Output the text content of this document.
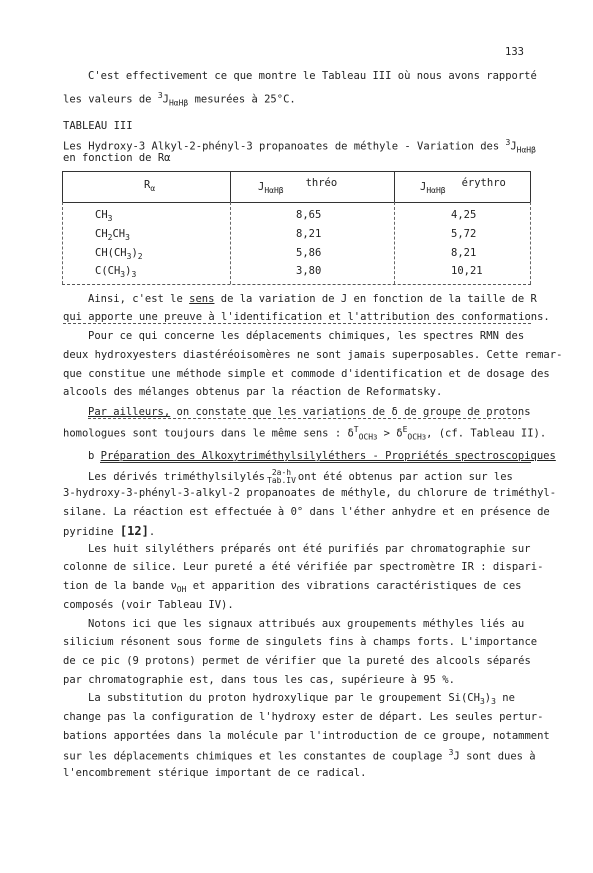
133
C'est effectivement ce que montre le Tableau III où nous avons rapporté
les valeurs de $^3J_{H\alpha H\beta}$ mesurées à 25°C.
TABLEAU III
Les Hydroxy-3 Alkyl-2-phényl-3 propanoates de méthyle - Variation des $^3J_{H\alpha H\beta}$
en fonction de Rα
$R_\alpha$	$J_{H\alpha H\beta}thréo$	$J_{H\alpha H\beta}érythro$
$CH_3$	8,65	4,25
$CH_2CH_3$	8,21	5,72
$CH(CH_3)_2$	5,86	8,21
$C(CH_3)_3$	3,80	10,21
Ainsi, c'est le sens de la variation de J en fonction de la taille de R
qui apporte une preuve à l'identification et l'attribution des conformations.
Pour ce qui concerne les déplacements chimiques, les spectres RMN des
deux hydroxyesters diastéréoisomères ne sont jamais superposables. Cette remar-
que constitue une méthode simple et commode d'identification et de dosage des
alcools des mélanges obtenus par la réaction de Reformatsky.
Par ailleurs, on constate que les variations de δ de groupe de protons
homologues sont toujours dans le même sens : $\delta^T_{OCH3} > \delta^E_{OCH3}$, (cf. Tableau II).
b Préparation des Alkoxytriméthylsilyléthers - Propriétés spectroscopiques
Les dérivés triméthylsilylés 2a-h
Tab.IV ont été obtenus par action sur les
3-hydroxy-3-phényl-3-alkyl-2 propanoates de méthyle, du chlorure de triméthyl-
silane. La réaction est effectuée à 0° dans l'éther anhydre et en présence de
pyridine [12].
Les huit silyléthers préparés ont été purifiés par chromatographie sur
colonne de silice. Leur pureté a été vérifiée par spectromètre IR : dispari-
tion de la bande $\nu_{OH}$ et apparition des vibrations caractéristiques de ces
composés (voir Tableau IV).
Notons ici que les signaux attribués aux groupements méthyles liés au
silicium résonent sous forme de singulets fins à champs forts. L'importance
de ce pic (9 protons) permet de vérifier que la pureté des alcools séparés
par chromatographie est, dans tous les cas, supérieure à 95 %.
La substitution du proton hydroxylique par le groupement $Si(CH_3)_3$ ne
change pas la configuration de l'hydroxy ester de départ. Les seules pertur-
bations apportées dans la molécule par l'introduction de ce groupe, notamment
sur les déplacements chimiques et les constantes de couplage $^3$J sont dues à
l'encombrement stérique important de ce radical.
